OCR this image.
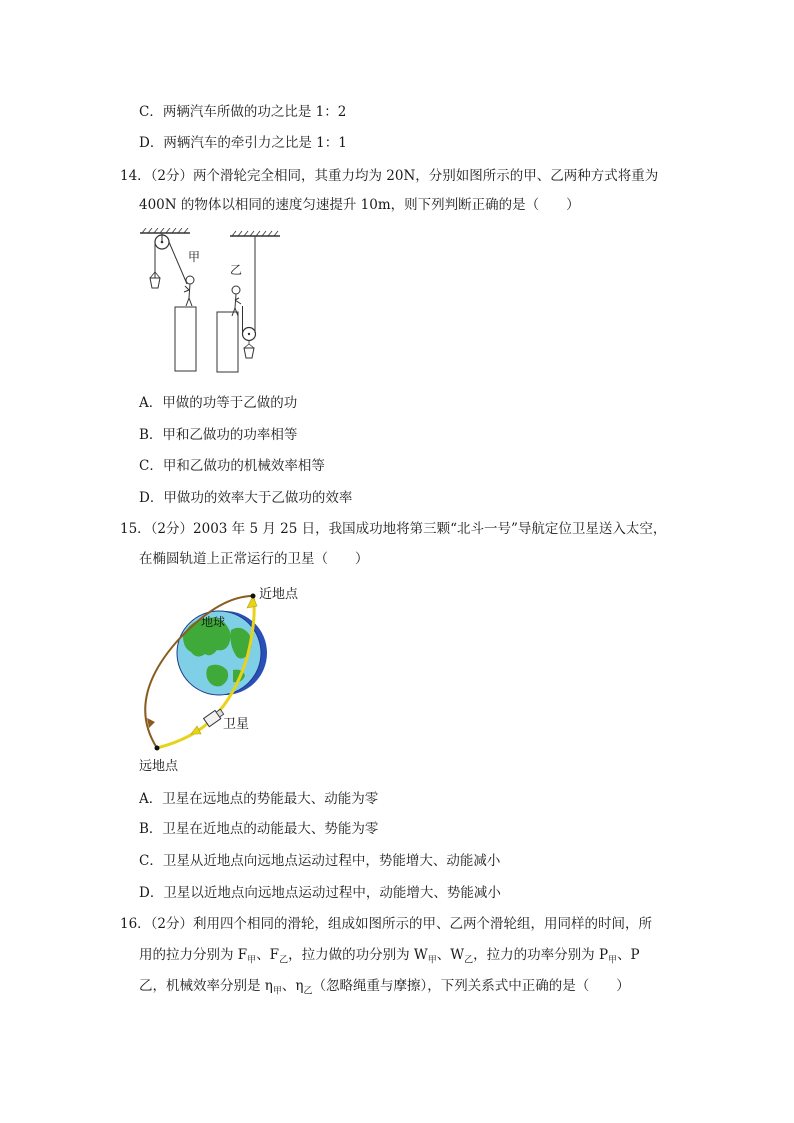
C．两辆汽车所做的功之比是 1：2
D．两辆汽车的牵引力之比是 1：1
14．（2分）两个滑轮完全相同，其重力均为 20N，分别如图所示的甲、乙两种方式将重为
400N 的物体以相同的速度匀速提升 10m，则下列判断正确的是（　　）
甲
乙
A．甲做的功等于乙做的功
B．甲和乙做功的功率相等
C．甲和乙做功的机械效率相等
D．甲做功的效率大于乙做功的效率
15．（2分）2003 年 5 月 25 日，我国成功地将第三颗“北斗一号”导航定位卫星送入太空，
在椭圆轨道上正常运行的卫星（　　）
地球
近地点
卫星
远地点
A．卫星在远地点的势能最大、动能为零
B．卫星在近地点的动能最大、势能为零
C．卫星从近地点向远地点运动过程中，势能增大、动能减小
D．卫星以近地点向远地点运动过程中，动能增大、势能减小
16．（2分）利用四个相同的滑轮，组成如图所示的甲、乙两个滑轮组，用同样的时间，所
用的拉力分别为 $F_甲$、$F_乙$，拉力做的功分别为 $W_甲$、$W_乙$，拉力的功率分别为 $P_甲$、P
乙，机械效率分别是 $\eta_甲$、$\eta_乙$（忽略绳重与摩擦），下列关系式中正确的是（　　）
